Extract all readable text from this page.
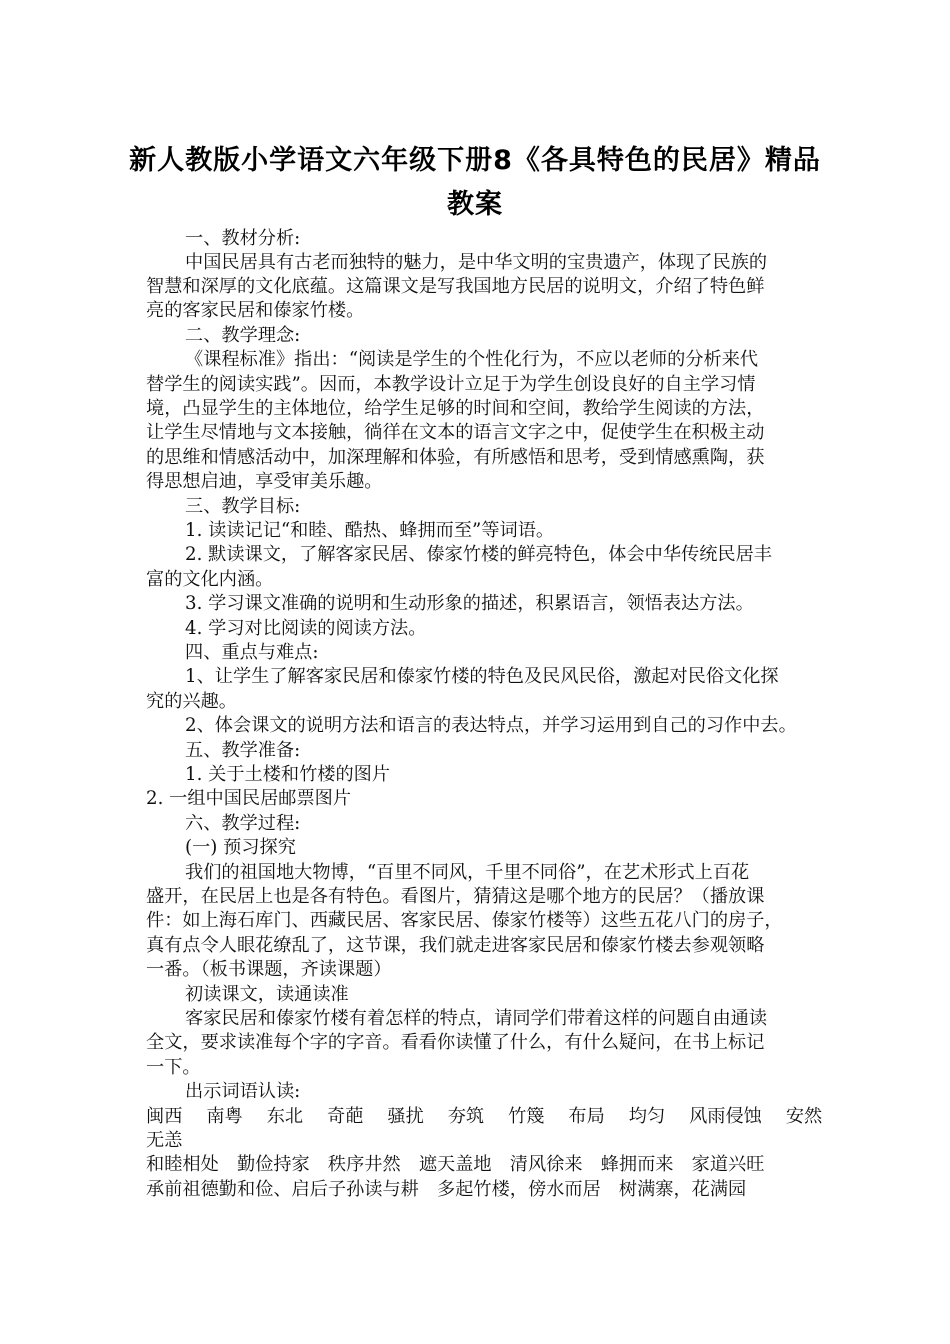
新人教版小学语文六年级下册8《各具特色的民居》精品
教案
一、教材分析:
中国民居具有古老而独特的魅力，是中华文明的宝贵遗产，体现了民族的
智慧和深厚的文化底蕴。这篇课文是写我国地方民居的说明文，介绍了特色鲜
亮的客家民居和傣家竹楼。
二、教学理念:
《课程标准》指出：“阅读是学生的个性化行为，不应以老师的分析来代
替学生的阅读实践”。因而，本教学设计立足于为学生创设良好的自主学习情
境，凸显学生的主体地位，给学生足够的时间和空间，教给学生阅读的方法，
让学生尽情地与文本接触，徜徉在文本的语言文字之中，促使学生在积极主动
的思维和情感活动中，加深理解和体验，有所感悟和思考，受到情感熏陶，获
得思想启迪，享受审美乐趣。
三、教学目标:
1. 读读记记“和睦、酷热、蜂拥而至”等词语。
2. 默读课文，了解客家民居、傣家竹楼的鲜亮特色，体会中华传统民居丰
富的文化内涵。
3. 学习课文准确的说明和生动形象的描述，积累语言，领悟表达方法。
4. 学习对比阅读的阅读方法。
四、重点与难点:
1、让学生了解客家民居和傣家竹楼的特色及民风民俗，激起对民俗文化探
究的兴趣。
2、体会课文的说明方法和语言的表达特点，并学习运用到自己的习作中去。
五、教学准备:
1. 关于土楼和竹楼的图片
2. 一组中国民居邮票图片
六、教学过程:
(一) 预习探究
我们的祖国地大物博，“百里不同风，千里不同俗”，在艺术形式上百花
盛开，在民居上也是各有特色。看图片，猜猜这是哪个地方的民居？（播放课
件：如上海石库门、西藏民居、客家民居、傣家竹楼等）这些五花八门的房子，
真有点令人眼花缭乱了，这节课，我们就走进客家民居和傣家竹楼去参观领略
一番。（板书课题，齐读课题）
初读课文，读通读准
客家民居和傣家竹楼有着怎样的特点，请同学们带着这样的问题自由通读
全文，要求读准每个字的字音。看看你读懂了什么，有什么疑问，在书上标记
一下。
出示词语认读:
闽西　 南粤　 东北　 奇葩　 骚扰　 夯筑　 竹篾　 布局　 均匀　 风雨侵蚀　 安然
无恙
和睦相处　勤俭持家　秩序井然　遮天盖地　清风徐来　蜂拥而来　家道兴旺
承前祖德勤和俭、启后子孙读与耕　多起竹楼，傍水而居　树满寨，花满园
